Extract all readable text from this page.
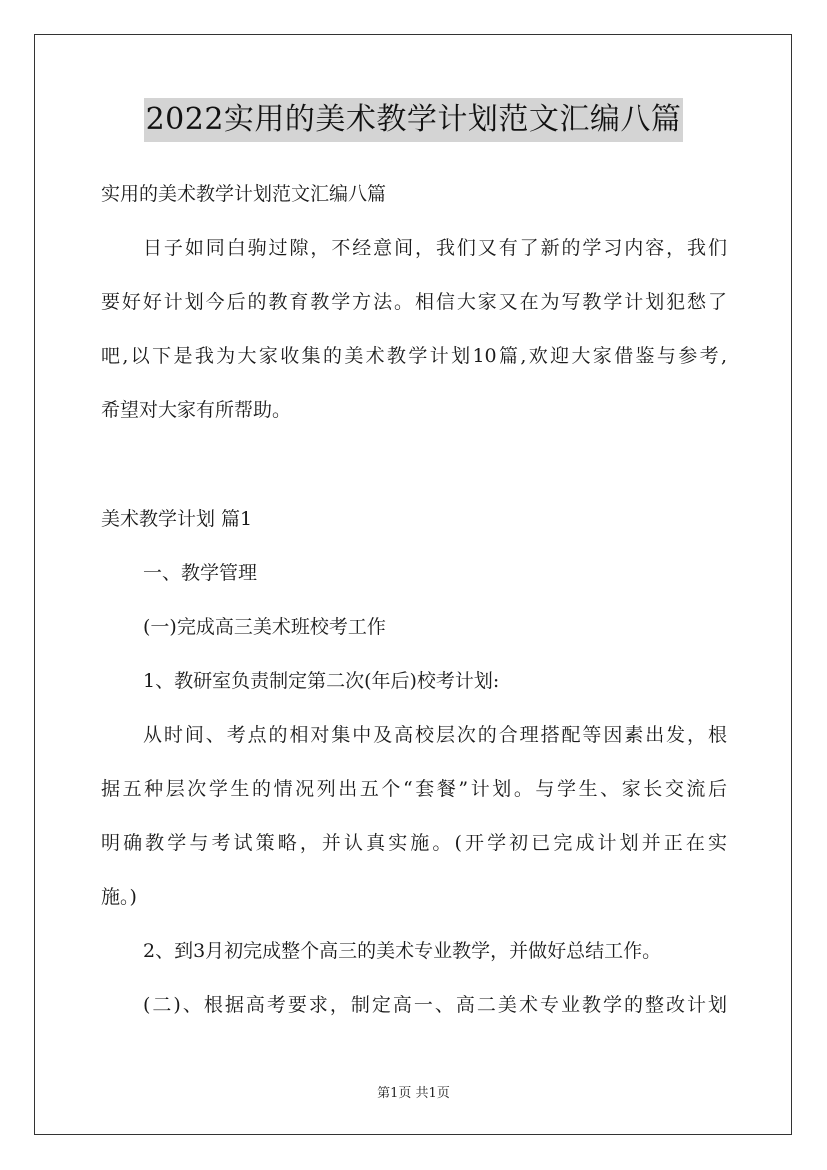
2022实用的美术教学计划范文汇编八篇
实用的美术教学计划范文汇编八篇
日子如同白驹过隙，不经意间，我们又有了新的学习内容，我们
要好好计划今后的教育教学方法。相信大家又在为写教学计划犯愁了
吧,以下是我为大家收集的美术教学计划10篇,欢迎大家借鉴与参考,
希望对大家有所帮助。
美术教学计划 篇1
一、教学管理
(一)完成高三美术班校考工作
1、教研室负责制定第二次(年后)校考计划:
从时间、考点的相对集中及高校层次的合理搭配等因素出发，根
据五种层次学生的情况列出五个“套餐”计划。与学生、家长交流后
明确教学与考试策略，并认真实施。(开学初已完成计划并正在实
施。)
2、到3月初完成整个高三的美术专业教学，并做好总结工作。
(二)、根据高考要求，制定高一、高二美术专业教学的整改计划
第1页 共1页
